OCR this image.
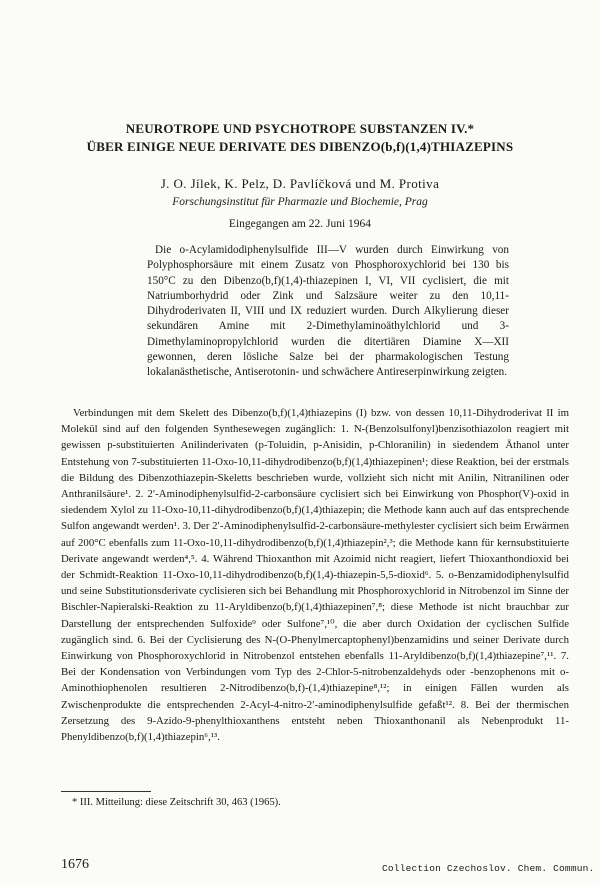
NEUROTROPE UND PSYCHOTROPE SUBSTANZEN IV.*
ÜBER EINIGE NEUE DERIVATE DES DIBENZO(b,f)(1,4)THIAZEPINS
J. O. Jílek, K. Pelz, D. Pavlíčková und M. Protiva
Forschungsinstitut für Pharmazie und Biochemie, Prag
Eingegangen am 22. Juni 1964

Die o-Acylamidodiphenylsulfide III—V wurden durch Einwirkung von Polyphosphorsäure mit einem Zusatz von Phosphoroxychlorid bei 130 bis 150°C zu den Dibenzo(b,f)(1,4)-thiazepinen I, VI, VII cyclisiert, die mit Natriumborhydrid oder Zink und Salzsäure weiter zu den 10,11-Dihydroderivaten II, VIII und IX reduziert wurden. Durch Alkylierung dieser sekundären Amine mit 2-Dimethylaminoäthylchlorid und 3-Dimethylaminopropylchlorid wurden die ditertiären Diamine X—XII gewonnen, deren lösliche Salze bei der pharmakologischen Testung lokalanästhetische, Antiserotonin- und schwächere Antireserpinwirkung zeigten.

Verbindungen mit dem Skelett des Dibenzo(b,f)(1,4)thiazepins (I) bzw. von dessen 10,11-Dihydroderivat II im Molekül sind auf den folgenden Synthesewegen zugänglich: 1. N-(Benzolsulfonyl)benzisothiazolon reagiert mit gewissen p-substituierten Anilinderivaten (p-Toluidin, p-Anisidin, p-Chloranilin) in siedendem Äthanol unter Entstehung von 7-substituierten 11-Oxo-10,11-dihydrodibenzo(b,f)(1,4)thiazepinen¹; diese Reaktion, bei der erstmals die Bildung des Dibenzothiazepin-Skeletts beschrieben wurde, vollzieht sich nicht mit Anilin, Nitranilinen oder Anthranilsäure¹. 2. 2′-Aminodiphenylsulfid-2-carbonsäure cyclisiert sich bei Einwirkung von Phosphor(V)-oxid in siedendem Xylol zu 11-Oxo-10,11-dihydrodibenzo(b,f)(1,4)thiazepin; die Methode kann auch auf das entsprechende Sulfon angewandt werden¹. 3. Der 2′-Aminodiphenylsulfid-2-carbonsäure-methylester cyclisiert sich beim Erwärmen auf 200°C ebenfalls zum 11-Oxo-10,11-dihydrodibenzo(b,f)(1,4)thiazepin²,³; die Methode kann für kernsubstituierte Derivate angewandt werden⁴,⁵. 4. Während Thioxanthon mit Azoimid nicht reagiert, liefert Thioxanthondioxid bei der Schmidt-Reaktion 11-Oxo-10,11-dihydrodibenzo(b,f)(1,4)-thiazepin-5,5-dioxid⁶. 5. o-Benzamidodiphenylsulfid und seine Substitutionsderivate cyclisieren sich bei Behandlung mit Phosphoroxychlorid in Nitrobenzol im Sinne der Bischler-Napieralski-Reaktion zu 11-Aryldibenzo(b,f)(1,4)thiazepinen⁷,⁸; diese Methode ist nicht brauchbar zur Darstellung der entsprechenden Sulfoxide⁹ oder Sulfone⁷,¹⁰, die aber durch Oxidation der cyclischen Sulfide zugänglich sind. 6. Bei der Cyclisierung des N-(O-Phenylmercaptophenyl)benzamidins und seiner Derivate durch Einwirkung von Phosphoroxychlorid in Nitrobenzol entstehen ebenfalls 11-Aryldibenzo(b,f)(1,4)thiazepine⁷,¹¹. 7. Bei der Kondensation von Verbindungen vom Typ des 2-Chlor-5-nitrobenzaldehyds oder -benzophenons mit o-Aminothiophenolen resultieren 2-Nitrodibenzo(b,f)-(1,4)thiazepine⁸,¹²; in einigen Fällen wurden als Zwischenprodukte die entsprechenden 2-Acyl-4-nitro-2′-aminodiphenylsulfide gefaßt¹². 8. Bei der thermischen Zersetzung des 9-Azido-9-phenylthioxanthens entsteht neben Thioxanthonanil als Nebenprodukt 11-Phenyldibenzo(b,f)(1,4)thiazepin⁶,¹³.

* III. Mitteilung: diese Zeitschrift 30, 463 (1965).

1676	Collection Czechoslov. Chem. Commun.
